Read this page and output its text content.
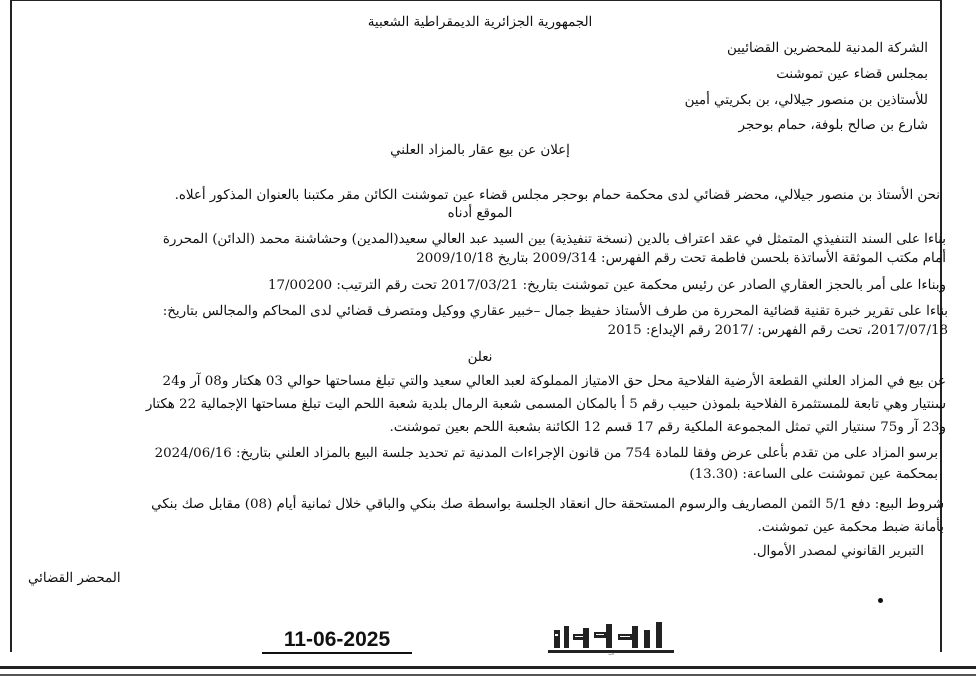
الجمهورية الجزائرية الديمقراطية الشعبية
الشركة المدنية للمحضرين القضائيين
بمجلس قضاء عين تموشنت
للأستاذين بن منصور جيلالي، بن بكريتي أمين
شارع بن صالح بلوفة، حمام بوحجر
إعلان عن بيع عقار بالمزاد العلني
نحن الأستاذ بن منصور جيلالي، محضر قضائي لدى محكمة حمام بوحجر مجلس قضاء عين تموشنت الكائن مقر مكتبنا بالعنوان المذكور أعلاه.
الموقع أدناه
بناءا على السند التنفيذي المتمثل في عقد اعتراف بالدين (نسخة تنفيذية) بين السيد عبد العالي سعيد(المدين) وحشاشنة محمد (الدائن) المحررة
أمام مكتب الموثقة الأساتذة بلحسن فاطمة تحت رقم الفهرس: 2009/314 بتاريخ 2009/10/18
وبناءا على أمر بالحجز العقاري الصادر عن رئيس محكمة عين تموشنت بتاريخ: 2017/03/21 تحت رقم الترتيب: 17/00200
بناءا على تقرير خبرة تقنية قضائية المحررة من طرف الأستاذ حفيظ جمال –خبير عقاري ووكيل ومتصرف قضائي لدى المحاكم والمجالس بتاريخ:
2017/07/18، تحت رقم الفهرس: /2017 رقم الإيداع: 2015
نعلن
عن بيع في المزاد العلني القطعة الأرضية الفلاحية محل حق الامتياز المملوكة لعبد العالي سعيد والتي تبلغ مساحتها حوالي 03 هكتار و08 آر و24
سنتيار وهي تابعة للمستثمرة الفلاحية بلموذن حبيب رقم 5 أ بالمكان المسمى شعبة الرمال بلدية شعبة اللحم اليت تبلغ مساحتها الإجمالية 22 هكتار
و23 آر و75 سنتيار التي تمثل المجموعة الملكية رقم 17 قسم 12 الكائنة بشعبة اللحم بعين تموشنت.
برسو المزاد على من تقدم بأعلى عرض وفقا للمادة 754 من قانون الإجراءات المدنية تم تحديد جلسة البيع بالمزاد العلني بتاريخ: 2024/06/16
بمحكمة عين تموشنت على الساعة: (13.30)
شروط البيع: دفع 5/1 الثمن المصاريف والرسوم المستحقة حال انعقاد الجلسة بواسطة صك بنكي والباقي خلال ثمانية أيام (08) مقابل صك بنكي
بأمانة ضبط محكمة عين تموشنت.
التبرير القانوني لمصدر الأموال.
المحضر القضائي
11-06-2025
الأمة
